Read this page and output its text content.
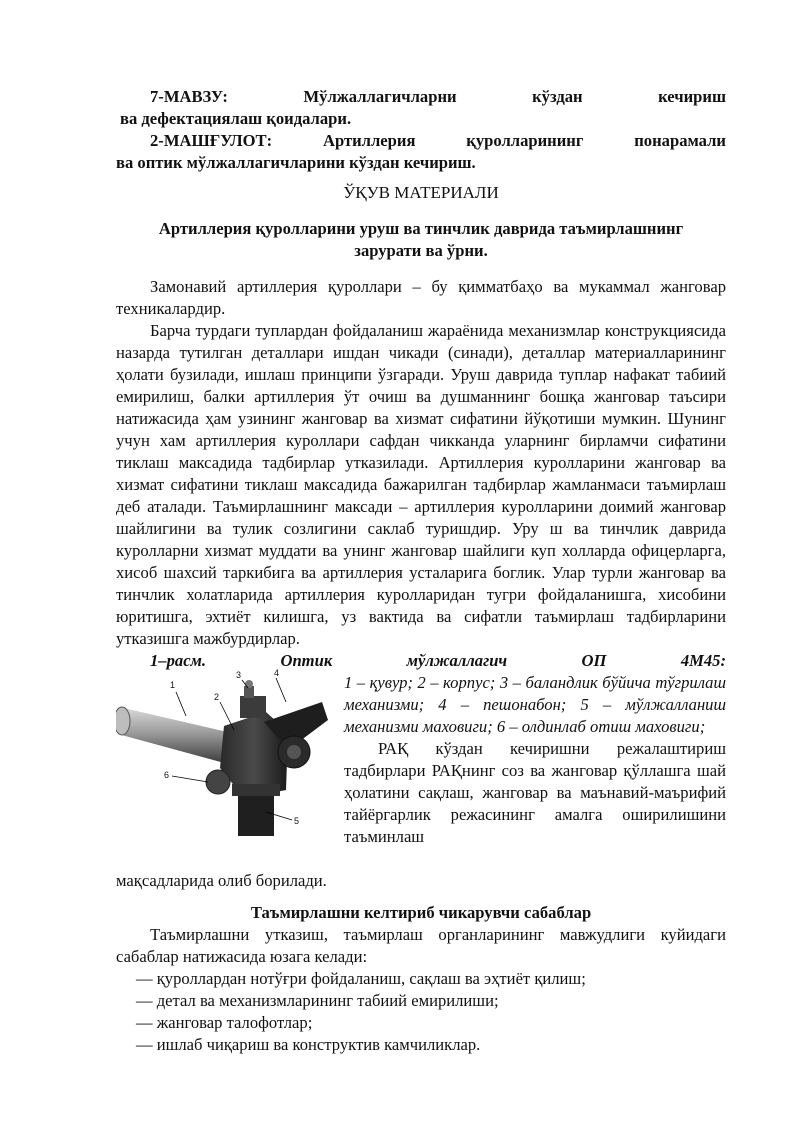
7-МАВЗУ:	Мўлжаллагичларни	кўздан	кечириш
ва дефектациялаш қоидалари.
2-МАШҒУЛОТ:	Артиллерия	қуролларининг	понарамали
ва оптик мўлжаллагичларини кўздан кечириш.
ЎҚУВ МАТЕРИАЛИ
Артиллерия қуролларини уруш ва тинчлик даврида таъмирлашнинг
зарурати ва ўрни.

Замонавий артиллерия қуроллари – бу қимматбаҳо ва мукаммал жанговар техникалардир.

Барча турдаги туплардан фойдаланиш жараёнида механизмлар конструкциясида назарда тутилган деталлари ишдан чикади (синади), деталлар материалларининг ҳолати бузилади, ишлаш принципи ўзгаради. Уруш даврида туплар нафакат табиий емирилиш, балки артиллерия ўт очиш ва душманнинг бошқа жанговар таъсири натижасида ҳам узининг жанговар ва хизмат сифатини йўқотиши мумкин. Шунинг учун хам артиллерия куроллари сафдан чикканда уларнинг бирламчи сифатини тиклаш максадида тадбирлар утказилади. Артиллерия куролларини жанговар ва хизмат сифатини тиклаш максадида бажарилган тадбирлар жамланмаси таъмирлаш деб аталади. Таъмирлашнинг максади – артиллерия куролларини доимий жанговар шайлигини ва тулик созлигини саклаб туришдир. Уру ш ва тинчлик даврида куролларни хизмат муддати ва унинг жанговар шайлиги куп холларда офицерларга, хисоб шахсий таркибига ва артиллерия усталарига боглик. Улар турли жанговар ва тинчлик холатларида артиллерия куролларидан тугри фойдаланишга, хисобини юритишга, эхтиёт килишга, уз вактида ва сифатли таъмирлаш тадбирларини утказишга мажбурдирлар.

1–расм.	Оптик	мўлжаллагич	ОП	4М45:
1
2
3	4
5
6

1 – қувур; 2 – корпус; 3 – баландлик бўйича тўгрилаш механизми; 4 – пешонабон; 5 – мўлжалланиш механизми маховиги; 6 – олдинлаб отиш маховиги;

РАҚ кўздан кечиришни режалаштириш тадбирлари РАҚнинг соз ва жанговар қўллашга шай ҳолатини сақлаш, жанговар ва маънавий-маърифий тайёргарлик режасининг амалга оширилишини таъминлаш

мақсадларида олиб борилади.

Таъмирлашни келтириб чикарувчи сабаблар

Таъмирлашни утказиш, таъмирлаш органларининг мавжудлиги куйидаги сабаблар натижасида юзага келади:

— қуроллардан нотўғри фойдаланиш, сақлаш ва эҳтиёт қилиш;
— детал ва механизмларининг табиий емирилиши;
— жанговар талофотлар;
— ишлаб чиқариш ва конструктив камчиликлар.
